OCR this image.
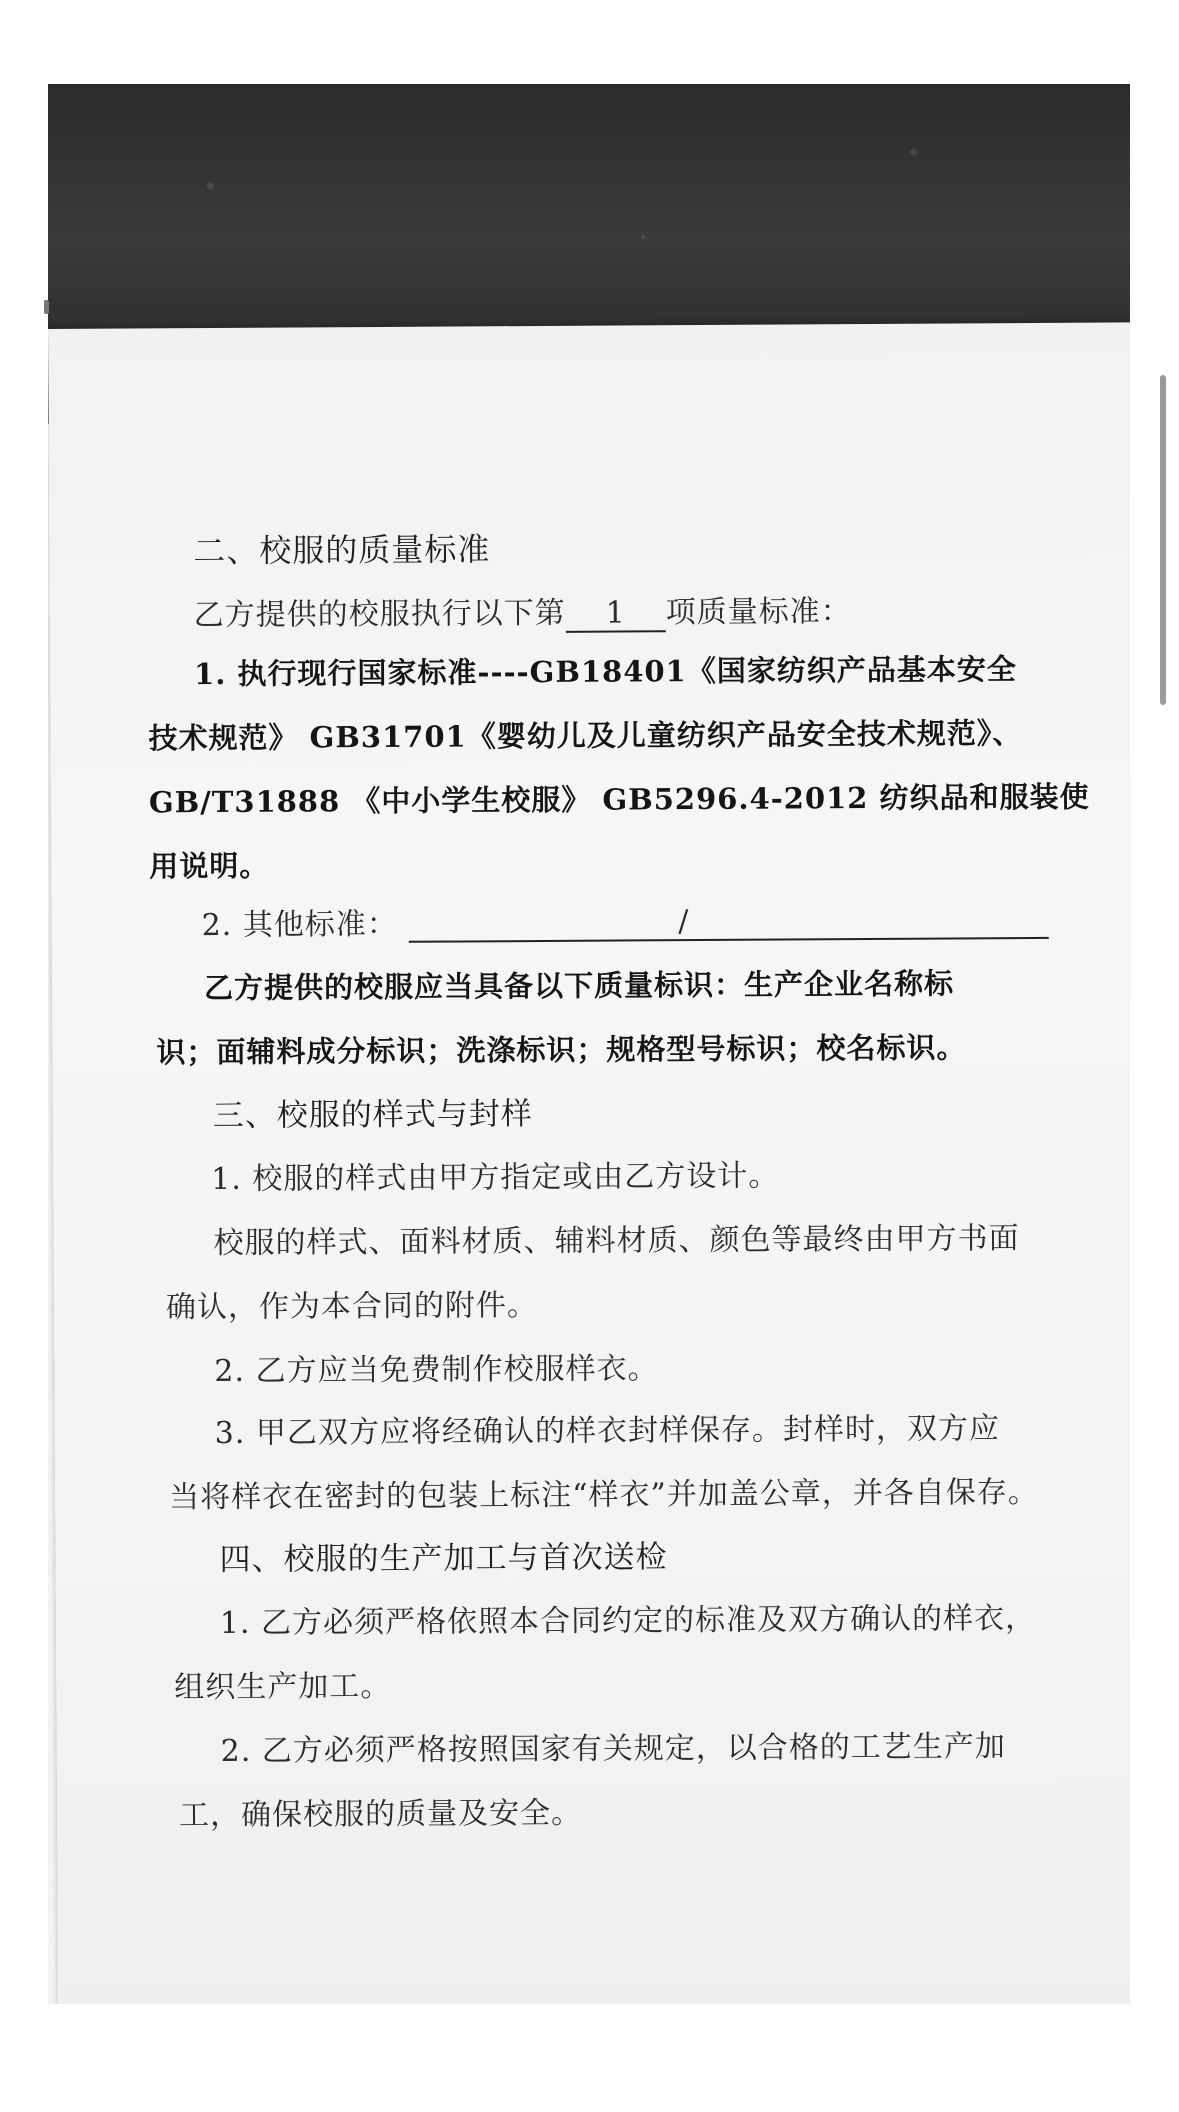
二、校服的质量标准
乙方提供的校服执行以下第 1 项质量标准：
1. 执行现行国家标准----GB18401《国家纺织产品基本安全
技术规范》 GB31701《婴幼儿及儿童纺织产品安全技术规范》、
GB/T31888 《中小学生校服》 GB5296.4-2012 纺织品和服装使
用说明。
2. 其他标准：	/
乙方提供的校服应当具备以下质量标识：生产企业名称标
识；面辅料成分标识；洗涤标识；规格型号标识；校名标识。
三、校服的样式与封样
1. 校服的样式由甲方指定或由乙方设计。
校服的样式、面料材质、辅料材质、颜色等最终由甲方书面
确认，作为本合同的附件。
2. 乙方应当免费制作校服样衣。
3. 甲乙双方应将经确认的样衣封样保存。封样时，双方应
当将样衣在密封的包装上标注“样衣”并加盖公章，并各自保存。
四、校服的生产加工与首次送检
1. 乙方必须严格依照本合同约定的标准及双方确认的样衣，
组织生产加工。
2. 乙方必须严格按照国家有关规定，以合格的工艺生产加
工，确保校服的质量及安全。
